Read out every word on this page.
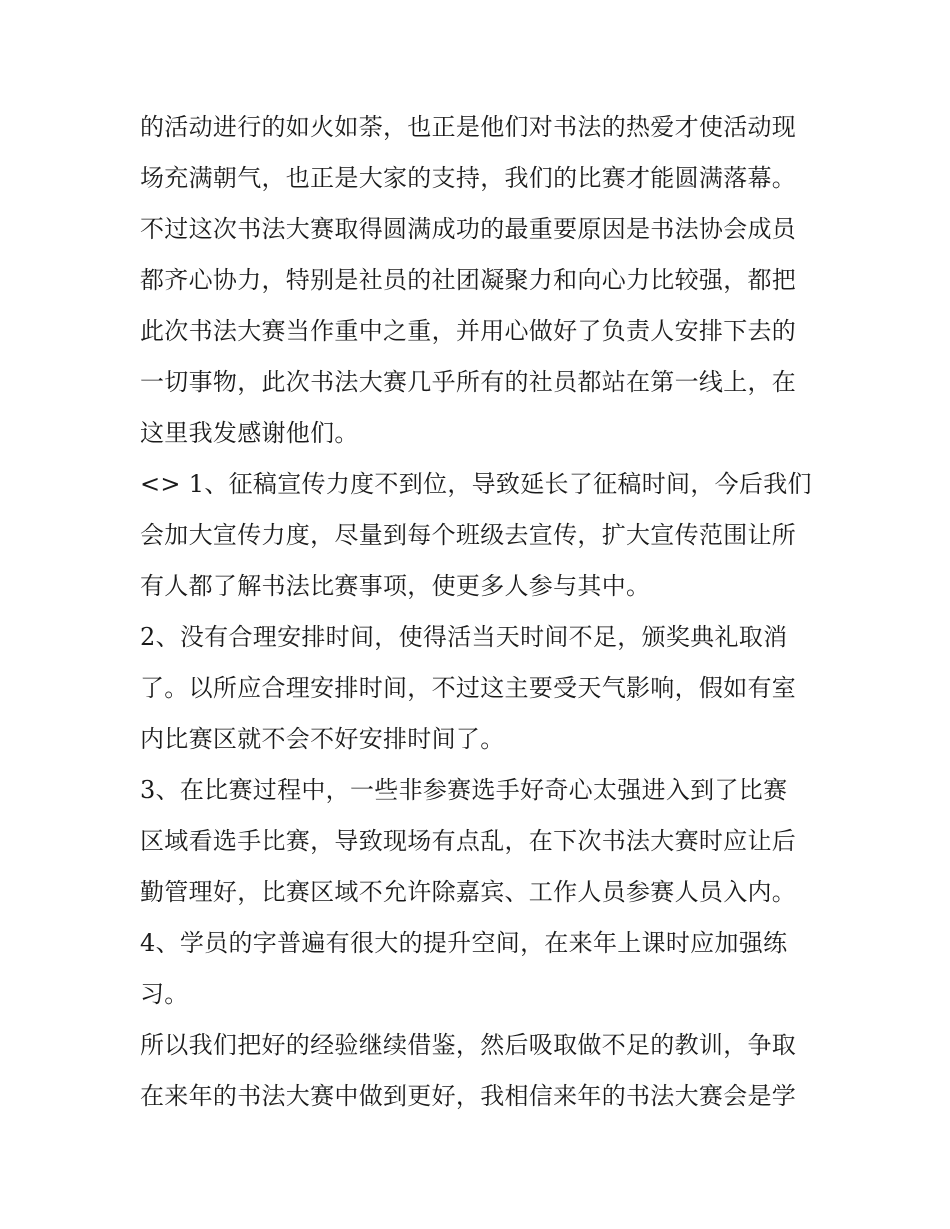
的活动进行的如火如荼，也正是他们对书法的热爱才使活动现
场充满朝气，也正是大家的支持，我们的比赛才能圆满落幕。
不过这次书法大赛取得圆满成功的最重要原因是书法协会成员
都齐心协力，特别是社员的社团凝聚力和向心力比较强，都把
此次书法大赛当作重中之重，并用心做好了负责人安排下去的
一切事物，此次书法大赛几乎所有的社员都站在第一线上，在
这里我发感谢他们。
<> 1、征稿宣传力度不到位，导致延长了征稿时间，今后我们
会加大宣传力度，尽量到每个班级去宣传，扩大宣传范围让所
有人都了解书法比赛事项，使更多人参与其中。
2、没有合理安排时间，使得活当天时间不足，颁奖典礼取消
了。以所应合理安排时间，不过这主要受天气影响，假如有室
内比赛区就不会不好安排时间了。
3、在比赛过程中，一些非参赛选手好奇心太强进入到了比赛
区域看选手比赛，导致现场有点乱，在下次书法大赛时应让后
勤管理好，比赛区域不允许除嘉宾、工作人员参赛人员入内。
4、学员的字普遍有很大的提升空间，在来年上课时应加强练
习。
所以我们把好的经验继续借鉴，然后吸取做不足的教训，争取
在来年的书法大赛中做到更好，我相信来年的书法大赛会是学
